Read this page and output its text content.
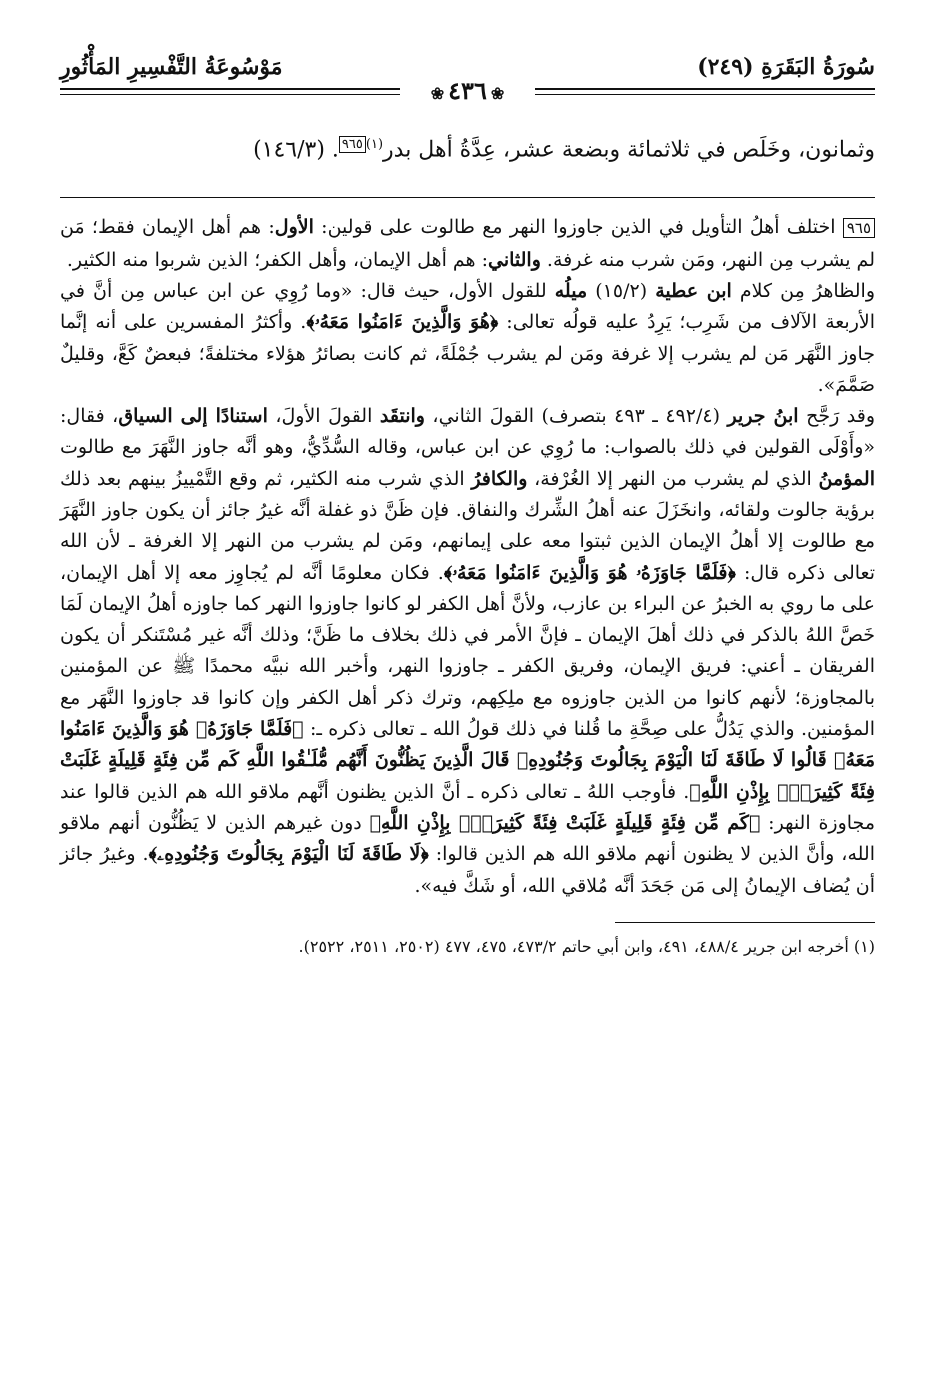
سُورَةُ البَقَرَةِ (٢٤٩)
مَوْسُوعَةُ التَّفْسِيرِ المَأْثُورِ
❀٤٣٦❀
وثمانون، وخَلَص في ثلاثمائة وبضعة عشر، عِدَّةُ أهل بدر$^{(١)٩٦٥}$. (١٤٦/٣)

٩٦٥ اختلف أهلُ التأويل في الذين جاوزوا النهر مع طالوت على قولين: الأول: هم أهل الإيمان فقط؛ مَن لم يشرب مِن النهر، ومَن شرب منه غرفة. والثاني: هم أهل الإيمان، وأهل الكفر؛ الذين شربوا منه الكثير.

والظاهرُ مِن كلام ابن عطية (١٥/٢) ميلُه للقول الأول، حيث قال: «وما رُوِي عن ابن عباس مِن أنَّ في الأربعة الآلاف من شَرِب؛ يَرِدُ عليه قولُه تعالى: ﴿هُوَ وَالَّذِينَ ءَامَنُوا مَعَهُۥ﴾. وأكثرُ المفسرين على أنه إنَّما جاوز النَّهَر مَن لم يشرب إلا غرفة ومَن لم يشرب جُمْلَةً، ثم كانت بصائرُ هؤلاء مختلفةً؛ فبعضٌ كَعَّ، وقليلٌ صَمَّمَ».

وقد رَجَّح ابنُ جرير (٤٩٢/٤ ـ ٤٩٣ بتصرف) القولَ الثاني، وانتقَد القولَ الأولَ، استنادًا إلى السياق، فقال: «وأَوْلَى القولين في ذلك بالصواب: ما رُوِي عن ابن عباس، وقاله السُّدِّيُّ، وهو أنَّه جاوز النَّهَرَ مع طالوت المؤمنُ الذي لم يشرب من النهر إلا الغُرْفة، والكافرُ الذي شرب منه الكثير، ثم وقع التَّمْييزُ بينهم بعد ذلك برؤية جالوت ولقائه، وانخَزَلَ عنه أهلُ الشِّرك والنفاق. فإن ظَنَّ ذو غفلة أنَّه غيرُ جائز أن يكون جاوز النَّهَرَ مع طالوت إلا أهلُ الإيمان الذين ثبتوا معه على إيمانهم، ومَن لم يشرب من النهر إلا الغرفة ـ لأن الله تعالى ذكره قال: ﴿فَلَمَّا جَاوَزَهُۥ هُوَ وَالَّذِينَ ءَامَنُوا مَعَهُۥ﴾. فكان معلومًا أنَّه لم يُجاوِز معه إلا أهل الإيمان، على ما روي به الخبرُ عن البراء بن عازب، ولأنَّ أهل الكفر لو كانوا جاوزوا النهر كما جاوزه أهلُ الإيمان لَمَا خَصَّ اللهُ بالذكر في ذلك أهلَ الإيمان ـ فإنَّ الأمر في ذلك بخلاف ما ظَنَّ؛ وذلك أنَّه غير مُسْتَنكر أن يكون الفريقان ـ أعني: فريق الإيمان، وفريق الكفر ـ جاوزوا النهر، وأخبر الله نبيَّه محمدًا ﷺ عن المؤمنين بالمجاوزة؛ لأنهم كانوا من الذين جاوزوه مع ملِكِهم، وترك ذكر أهل الكفر وإن كانوا قد جاوزوا النَّهَر مع المؤمنين. والذي يَدُلُّ على صِحَّةِ ما قُلنا في ذلك قولُ الله ـ تعالى ذكره ـ: ﴿فَلَمَّا جَاوَزَهُۥ هُوَ وَالَّذِينَ ءَامَنُوا مَعَهُۥ قَالُوا لَا طَاقَةَ لَنَا الْيَوْمَ بِجَالُوتَ وَجُنُودِهِۦ قَالَ الَّذِينَ يَظُنُّونَ أَنَّهُم مُّلَـٰقُوا اللَّهِ كَم مِّن فِئَةٍ قَلِيلَةٍ غَلَبَتْ فِئَةً كَثِيرَةًۢ بِإِذْنِ اللَّهِ﴾. فأوجب اللهُ ـ تعالى ذكره ـ أنَّ الذين يظنون أنَّهم ملاقو الله هم الذين قالوا عند مجاوزة النهر: ﴿كَم مِّن فِئَةٍ قَلِيلَةٍ غَلَبَتْ فِئَةً كَثِيرَةًۢ بِإِذْنِ اللَّهِ﴾ دون غيرهم الذين لا يَظُنُّون أنهم ملاقو الله، وأنَّ الذين لا يظنون أنهم ملاقو الله هم الذين قالوا: ﴿لَا طَاقَةَ لَنَا الْيَوْمَ بِجَالُوتَ وَجُنُودِهِۦ﴾. وغيرُ جائز أن يُضاف الإيمانُ إلى مَن جَحَدَ أنَّه مُلاقي الله، أو شَكَّ فيه».

(١) أخرجه ابن جرير ٤٨٨/٤، ٤٩١، وابن أبي حاتم ٤٧٣/٢، ٤٧٥، ٤٧٧ (٢٥٠٢، ٢٥١١، ٢٥٢٢).
